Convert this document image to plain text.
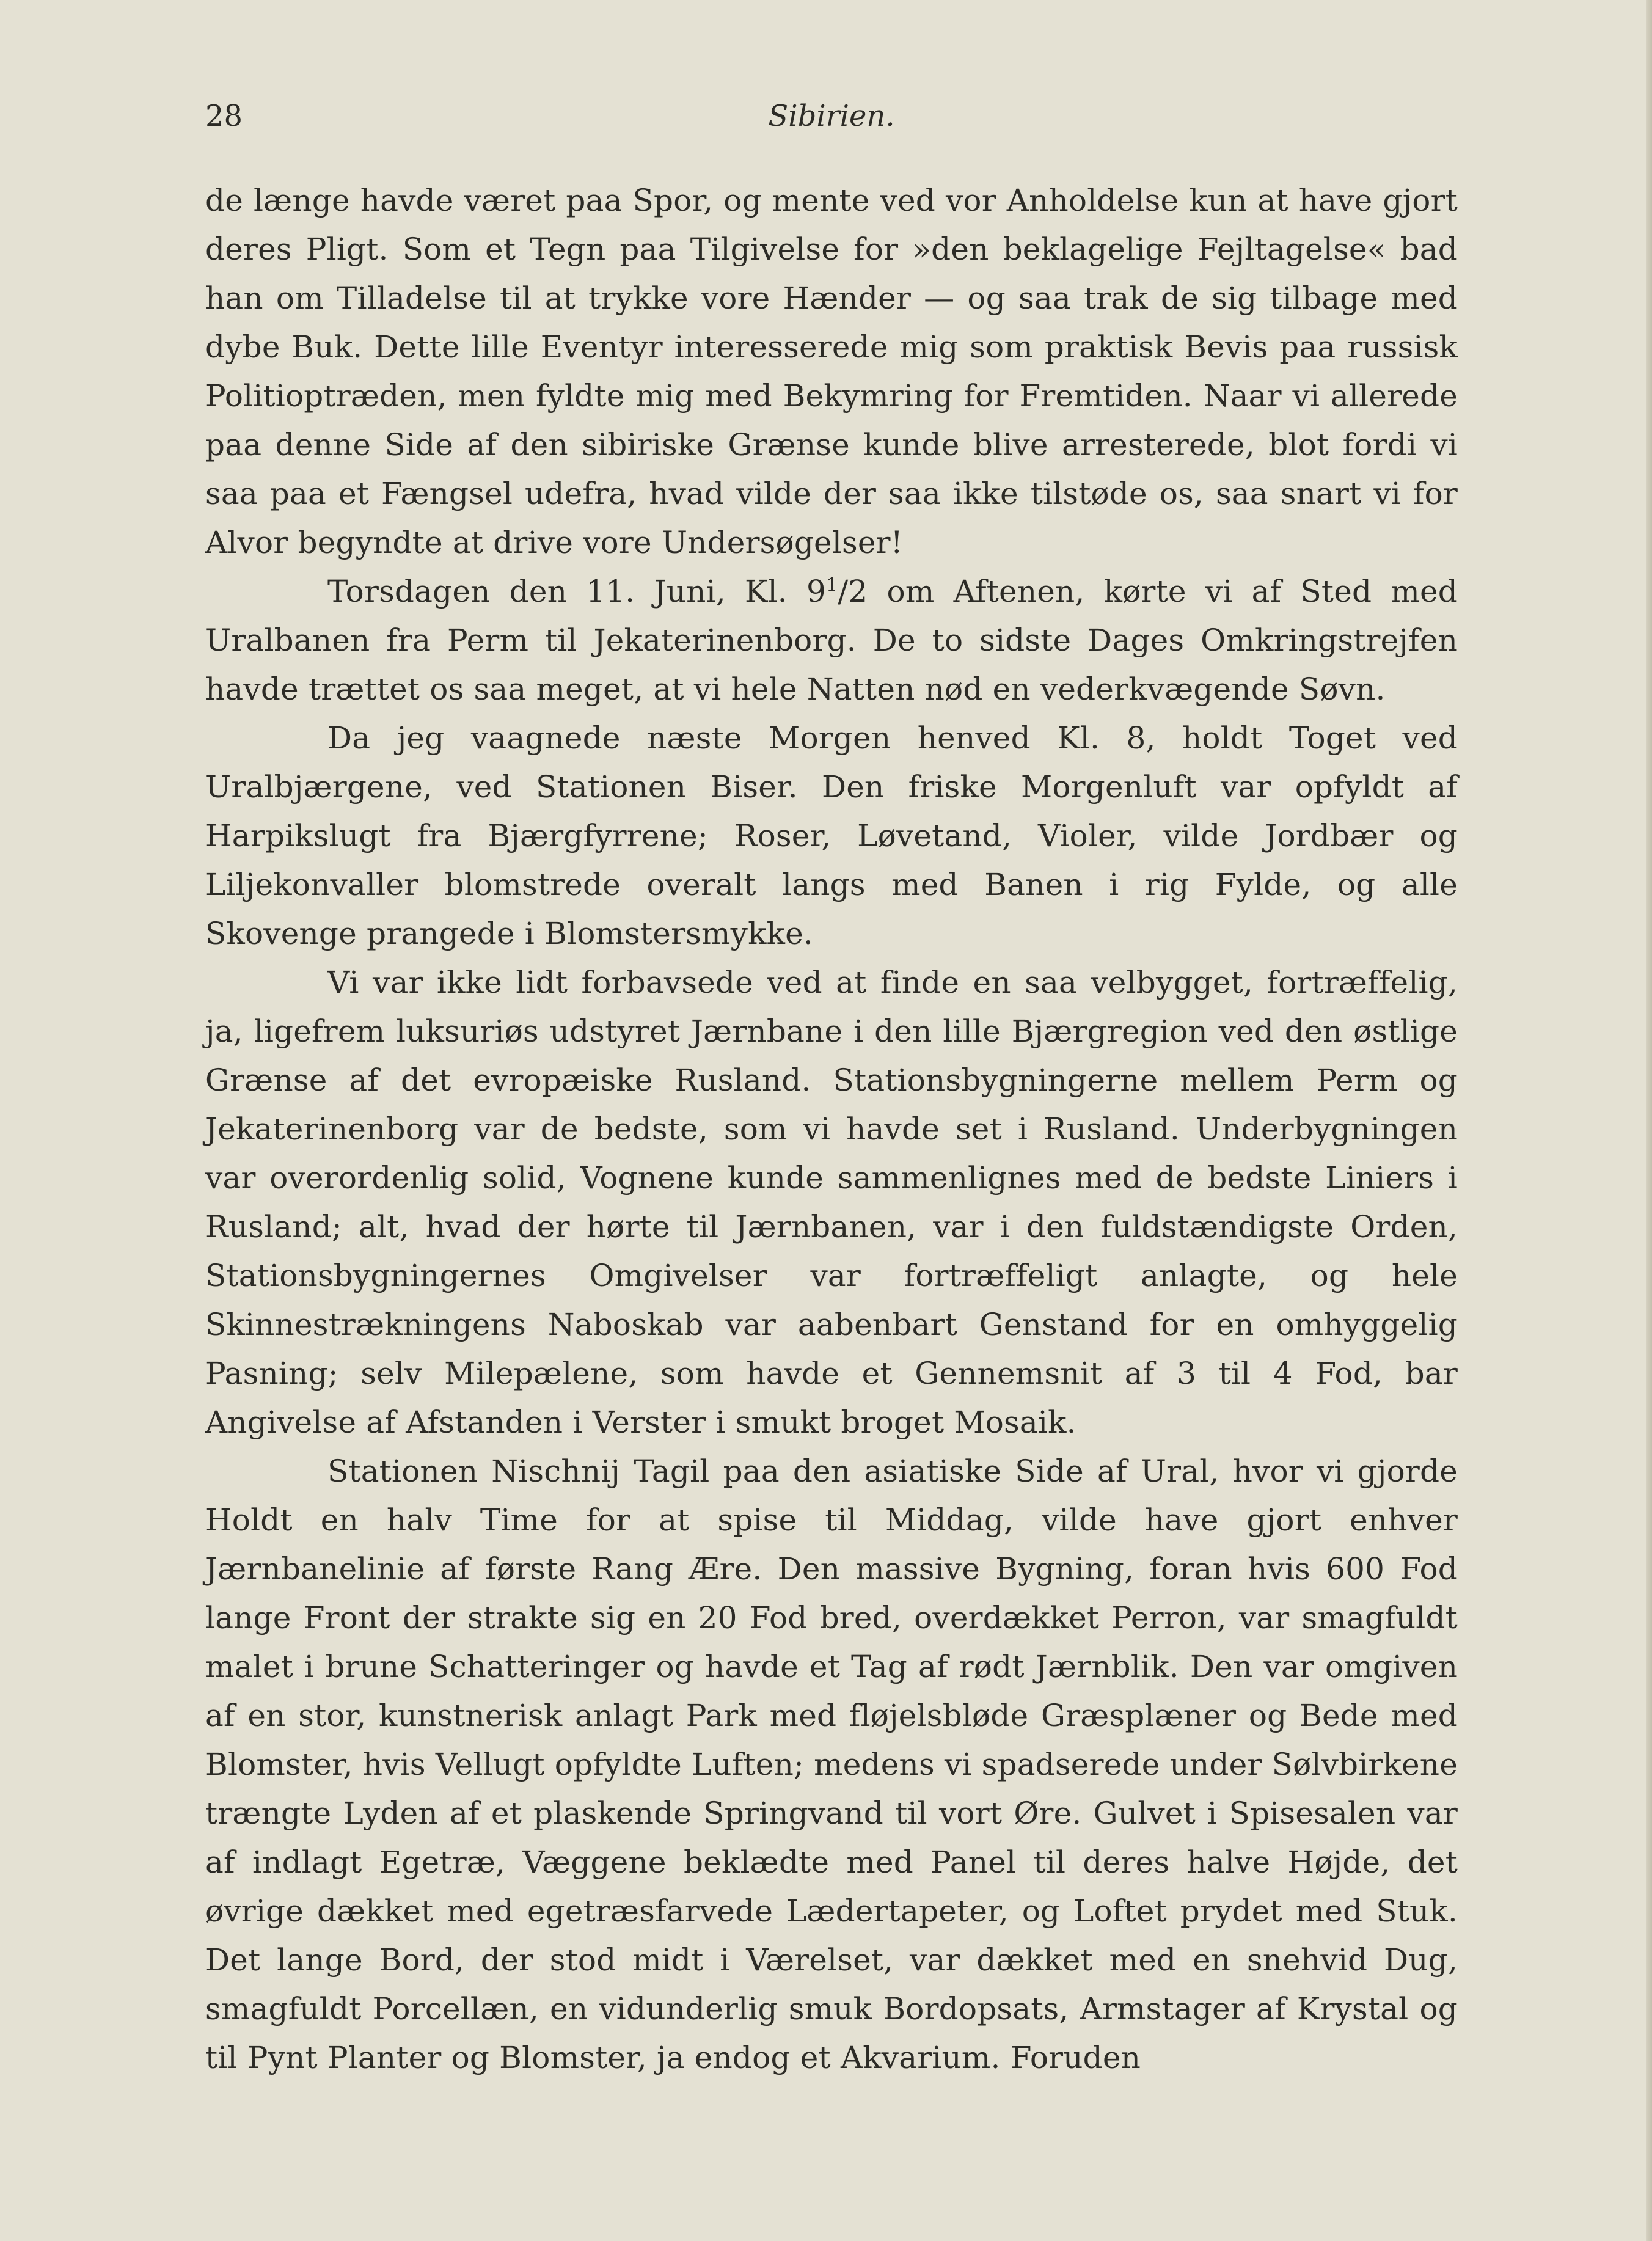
28	Sibirien.

de længe havde været paa Spor, og mente ved vor Anholdelse kun at have gjort deres Pligt. Som et Tegn paa Tilgivelse for »den beklagelige Fejltagelse« bad han om Tilladelse til at trykke vore Hænder — og saa trak de sig tilbage med dybe Buk. Dette lille Eventyr interesserede mig som praktisk Bevis paa russisk Politioptræden, men fyldte mig med Bekymring for Fremtiden. Naar vi allerede paa denne Side af den sibiriske Grænse kunde blive arresterede, blot fordi vi saa paa et Fængsel udefra, hvad vilde der saa ikke tilstøde os, saa snart vi for Alvor begyndte at drive vore Undersøgelser!

Torsdagen den 11. Juni, Kl. $9^1/2$ om Aftenen, kørte vi af Sted med Uralbanen fra Perm til Jekaterinenborg. De to sidste Dages Omkringstrejfen havde trættet os saa meget, at vi hele Natten nød en vederkvægende Søvn.

Da jeg vaagnede næste Morgen henved Kl. 8, holdt Toget ved Uralbjærgene, ved Stationen Biser. Den friske Morgenluft var opfyldt af Harpikslugt fra Bjærgfyrrene; Roser, Løvetand, Violer, vilde Jordbær og Liljekonvaller blomstrede overalt langs med Banen i rig Fylde, og alle Skovenge prangede i Blomstersmykke.

Vi var ikke lidt forbavsede ved at finde en saa velbygget, fortræffelig, ja, ligefrem luksuriøs udstyret Jærnbane i den lille Bjærgregion ved den østlige Grænse af det evropæiske Rusland. Stationsbygningerne mellem Perm og Jekaterinenborg var de bedste, som vi havde set i Rusland. Underbygningen var overordenlig solid, Vognene kunde sammenlignes med de bedste Liniers i Rusland; alt, hvad der hørte til Jærnbanen, var i den fuldstændigste Orden, Stationsbygningernes Omgivelser var fortræffeligt anlagte, og hele Skinnestrækningens Naboskab var aabenbart Genstand for en omhyggelig Pasning; selv Milepælene, som havde et Gennemsnit af 3 til 4 Fod, bar Angivelse af Afstanden i Verster i smukt broget Mosaik.

Stationen Nischnij Tagil paa den asiatiske Side af Ural, hvor vi gjorde Holdt en halv Time for at spise til Middag, vilde have gjort enhver Jærnbanelinie af første Rang Ære. Den massive Bygning, foran hvis 600 Fod lange Front der strakte sig en 20 Fod bred, overdækket Perron, var smagfuldt malet i brune Schatteringer og havde et Tag af rødt Jærnblik. Den var omgiven af en stor, kunstnerisk anlagt Park med fløjelsbløde Græsplæner og Bede med Blomster, hvis Vellugt opfyldte Luften; medens vi spadserede under Sølvbirkene trængte Lyden af et plaskende Springvand til vort Øre. Gulvet i Spisesalen var af indlagt Egetræ, Væggene beklædte med Panel til deres halve Højde, det øvrige dækket med egetræsfarvede Lædertapeter, og Loftet prydet med Stuk. Det lange Bord, der stod midt i Værelset, var dækket med en snehvid Dug, smagfuldt Porcellæn, en vidunderlig smuk Bordopsats, Armstager af Krystal og til Pynt Planter og Blomster, ja endog et Akvarium. Foruden
